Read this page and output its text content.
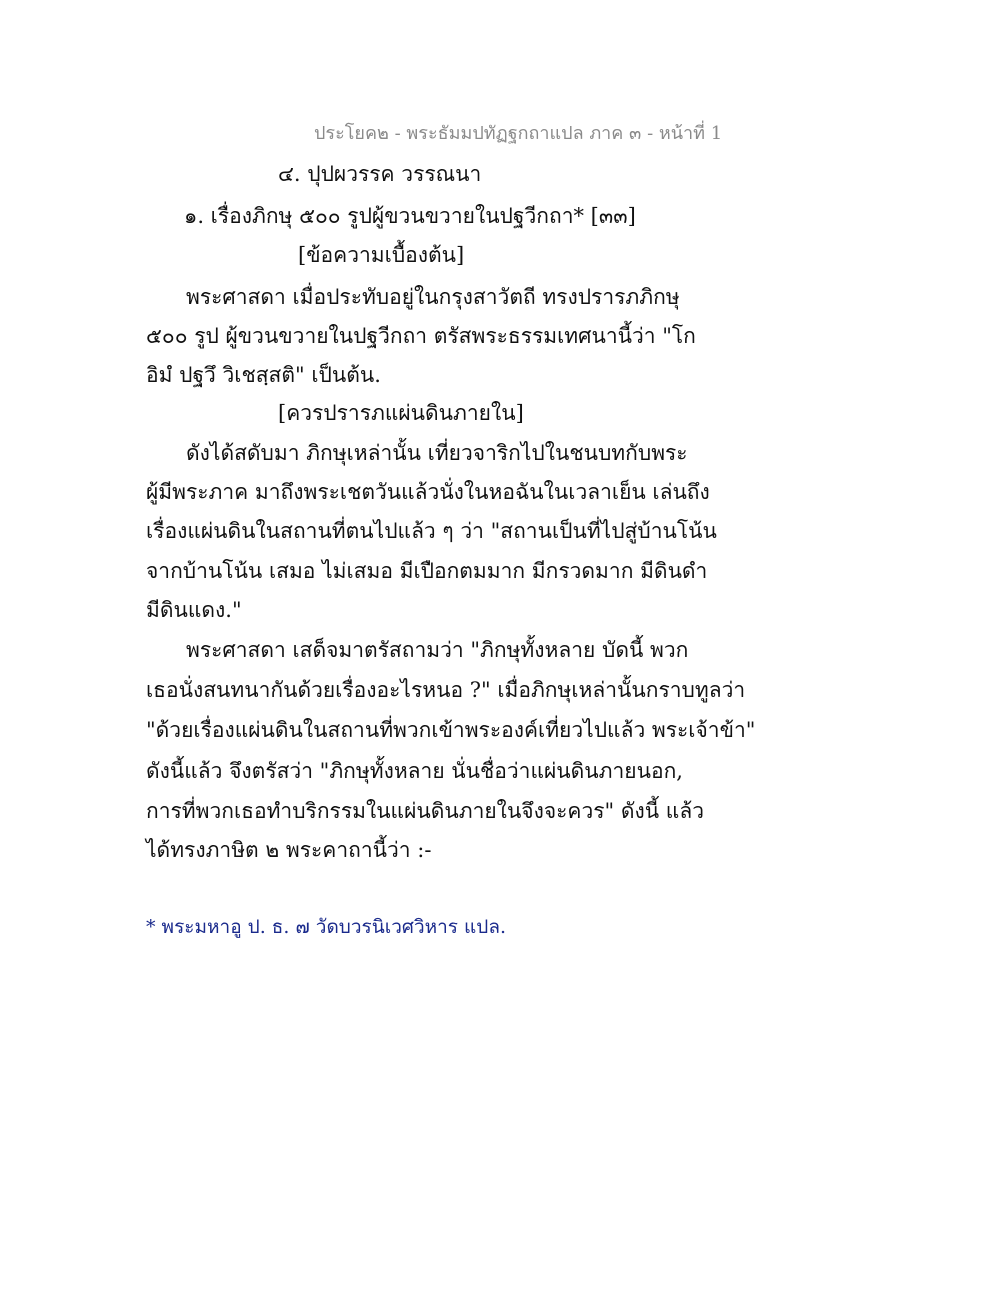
ประโยค๒ - พระธัมมปทัฏฐกถาแปล ภาค ๓ - หน้าที่ 1
๔. ปุปผวรรค วรรณนา
๑. เรื่องภิกษุ ๕๐๐ รูปผู้ขวนขวายในปฐวีกถา* [๓๓]
[ข้อความเบื้องต้น]
พระศาสดา เมื่อประทับอยู่ในกรุงสาวัตถี ทรงปรารภภิกษุ
๕๐๐ รูป ผู้ขวนขวายในปฐวีกถา ตรัสพระธรรมเทศนานี้ว่า "โก
อิมํ ปฐวึ วิเชสฺสติ" เป็นต้น.
[ควรปรารภแผ่นดินภายใน]
ดังได้สดับมา ภิกษุเหล่านั้น เที่ยวจาริกไปในชนบทกับพระ
ผู้มีพระภาค มาถึงพระเชตวันแล้วนั่งในหอฉันในเวลาเย็น เล่นถึง
เรื่องแผ่นดินในสถานที่ตนไปแล้ว ๆ ว่า "สถานเป็นที่ไปสู่บ้านโน้น
จากบ้านโน้น เสมอ ไม่เสมอ มีเปือกตมมาก มีกรวดมาก มีดินดำ
มีดินแดง."
พระศาสดา เสด็จมาตรัสถามว่า "ภิกษุทั้งหลาย บัดนี้ พวก
เธอนั่งสนทนากันด้วยเรื่องอะไรหนอ ?" เมื่อภิกษุเหล่านั้นกราบทูลว่า
"ด้วยเรื่องแผ่นดินในสถานที่พวกเข้าพระองค์เที่ยวไปแล้ว พระเจ้าข้า"
ดังนี้แล้ว จึงตรัสว่า "ภิกษุทั้งหลาย นั่นชื่อว่าแผ่นดินภายนอก,
การที่พวกเธอทำบริกรรมในแผ่นดินภายในจึงจะควร" ดังนี้ แล้ว
ได้ทรงภาษิต ๒ พระคาถานี้ว่า :-
* พระมหาอู ป. ธ. ๗ วัดบวรนิเวศวิหาร แปล.
